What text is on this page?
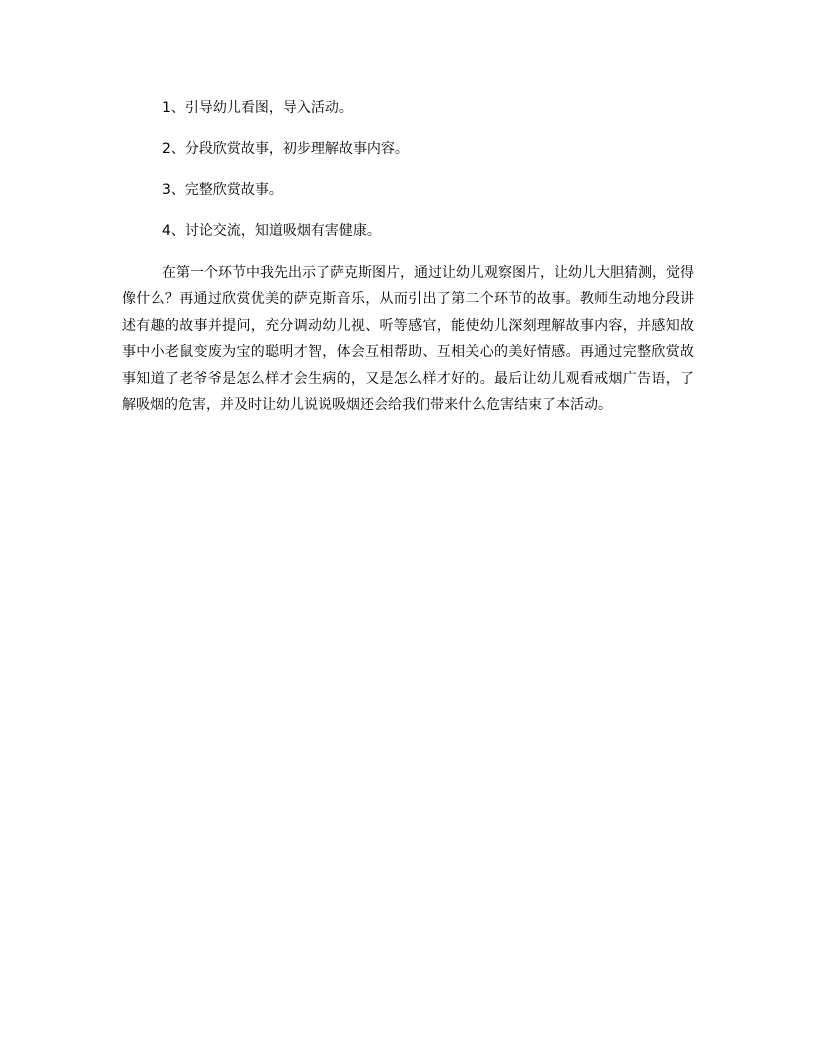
1、引导幼儿看图，导入活动。
2、分段欣赏故事，初步理解故事内容。
3、完整欣赏故事。
4、讨论交流，知道吸烟有害健康。

在第一个环节中我先出示了萨克斯图片，通过让幼儿观察图片，让幼儿大胆猜测，觉得像什么？再通过欣赏优美的萨克斯音乐，从而引出了第二个环节的故事。教师生动地分段讲述有趣的故事并提问，充分调动幼儿视、听等感官，能使幼儿深刻理解故事内容，并感知故事中小老鼠变废为宝的聪明才智，体会互相帮助、互相关心的美好情感。再通过完整欣赏故事知道了老爷爷是怎么样才会生病的，又是怎么样才好的。最后让幼儿观看戒烟广告语，了解吸烟的危害，并及时让幼儿说说吸烟还会给我们带来什么危害结束了本活动。
